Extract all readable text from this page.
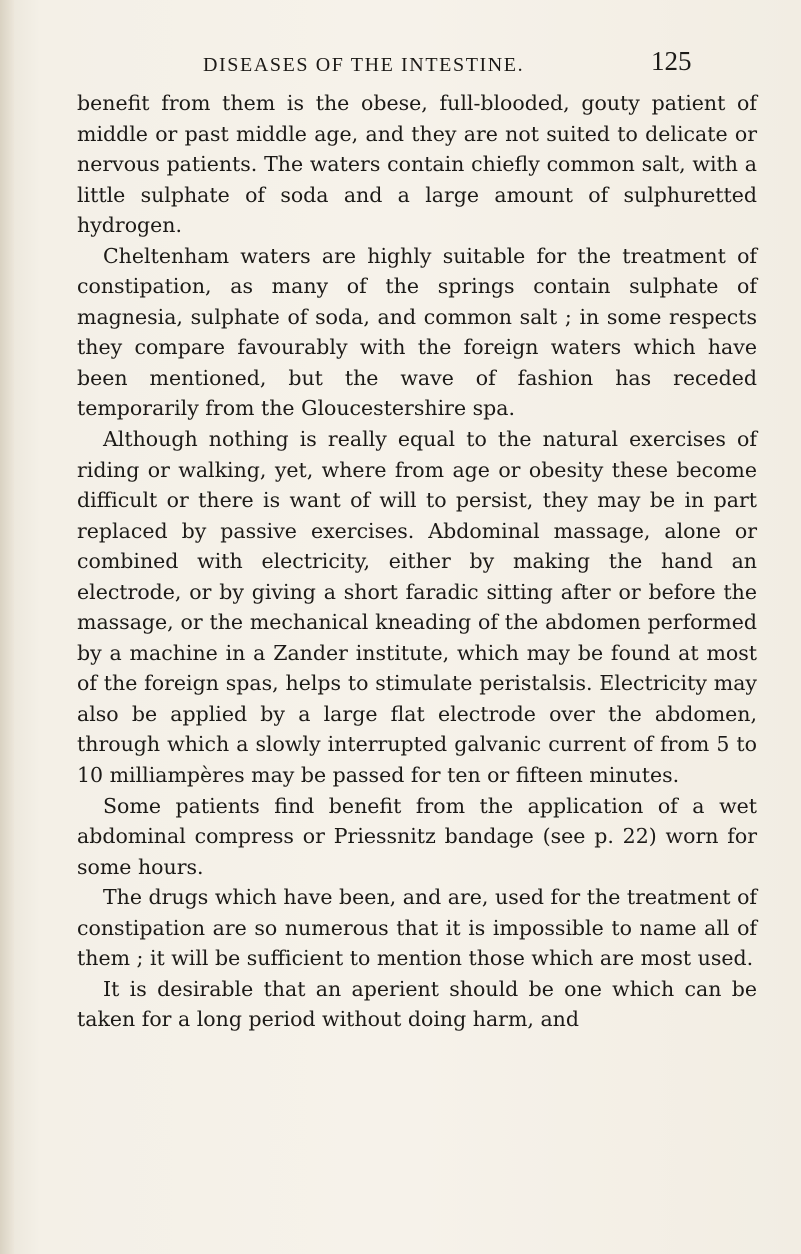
DISEASES OF THE INTESTINE.	125

benefit from them is the obese, full-blooded, gouty patient of middle or past middle age, and they are not suited to delicate or nervous patients. The waters contain chiefly common salt, with a little sulphate of soda and a large amount of sulphuretted hydrogen.

Cheltenham waters are highly suitable for the treatment of constipation, as many of the springs contain sulphate of magnesia, sulphate of soda, and common salt ; in some respects they compare favourably with the foreign waters which have been mentioned, but the wave of fashion has receded temporarily from the Gloucestershire spa.

Although nothing is really equal to the natural exercises of riding or walking, yet, where from age or obesity these become difficult or there is want of will to persist, they may be in part replaced by passive exercises. Abdominal massage, alone or combined with electricity, either by making the hand an electrode, or by giving a short faradic sitting after or before the massage, or the mechanical kneading of the abdomen performed by a machine in a Zander institute, which may be found at most of the foreign spas, helps to stimulate peristalsis. Electricity may also be applied by a large flat electrode over the abdomen, through which a slowly interrupted galvanic current of from 5 to 10 milliampères may be passed for ten or fifteen minutes.

Some patients find benefit from the application of a wet abdominal compress or Priessnitz bandage (see p. 22) worn for some hours.

The drugs which have been, and are, used for the treatment of constipation are so numerous that it is impossible to name all of them ; it will be sufficient to mention those which are most used.

It is desirable that an aperient should be one which can be taken for a long period without doing harm, and
